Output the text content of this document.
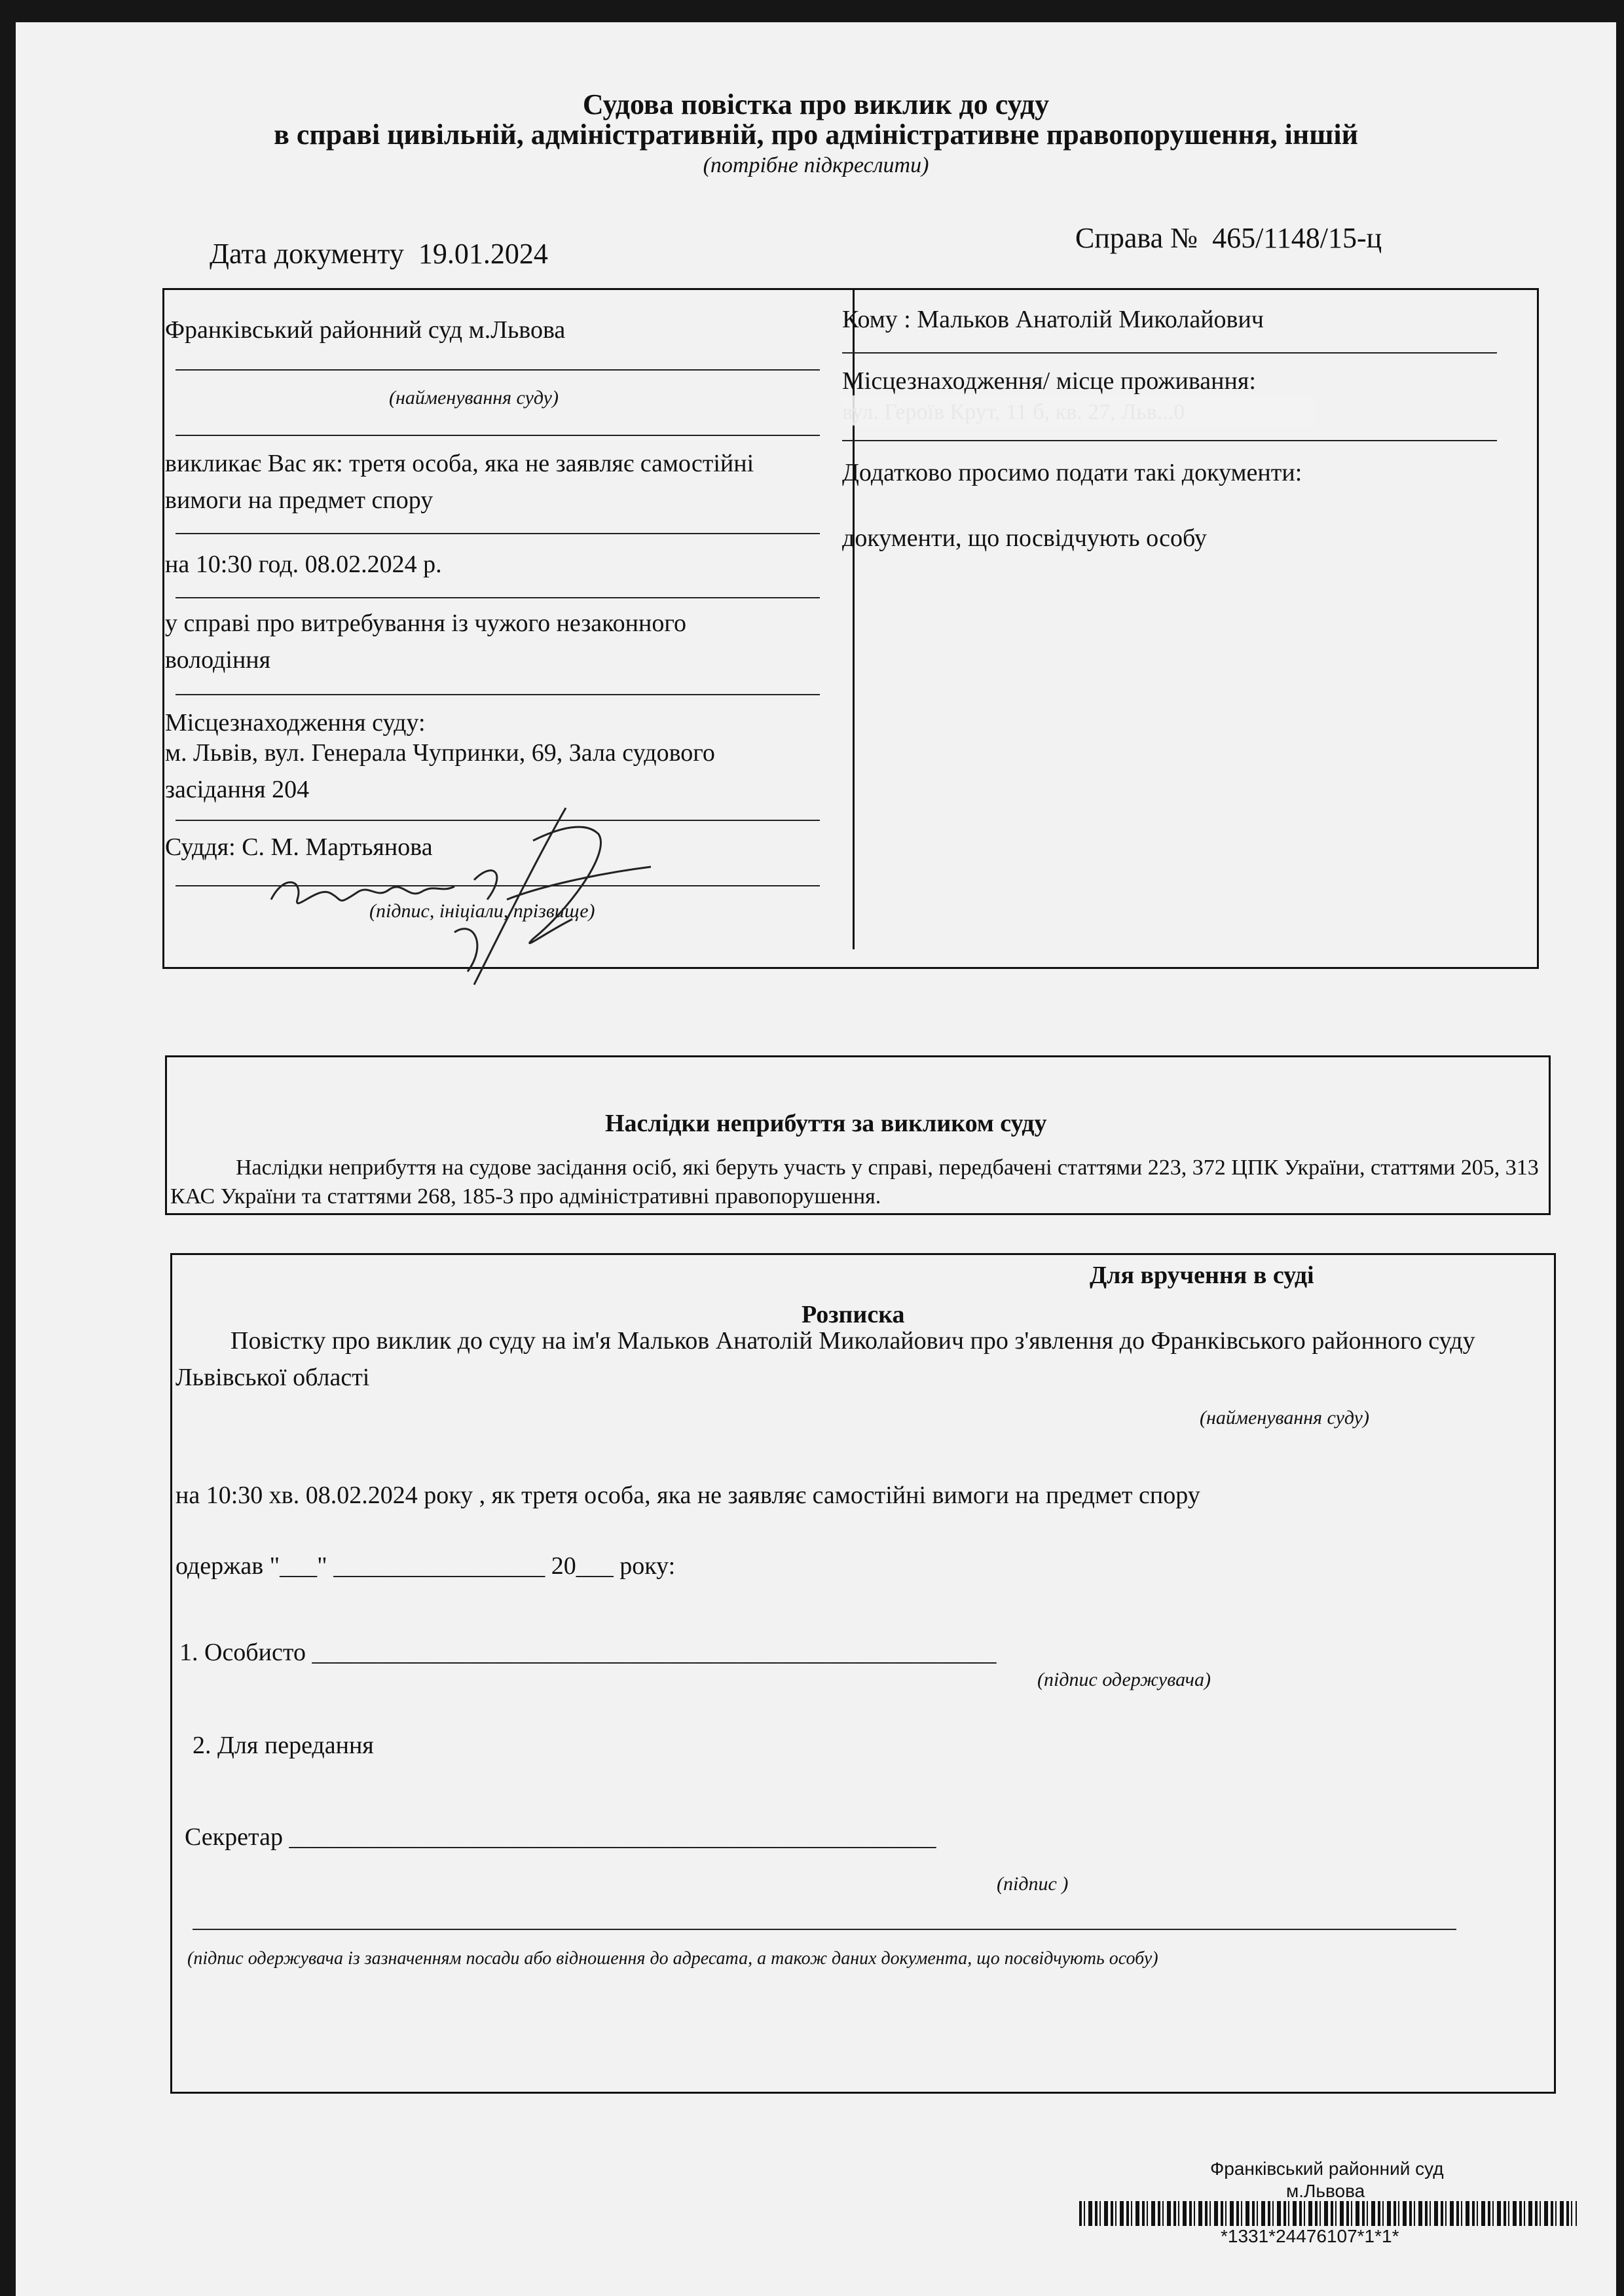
Судова повістка про виклик до суду
в справі цивільній, адміністративній, про адміністративне правопорушення, іншій
(потрібне підкреслити)
Дата документу 19.01.2024	Справа № 465/1148/15-ц
Франківський районний суд м.Львова
(найменування суду)
викликає Вас як: третя особа, яка не заявляє самостійні вимоги на предмет спору
на 10:30 год. 08.02.2024 р.
у справі про витребування із чужого незаконного володіння
Місцезнаходження суду:
м. Львів, вул. Генерала Чупринки, 69, Зала судового засідання 204
Суддя: С. М. Мартьянова
(підпис, ініціали, прізвище)
Кому : Мальков Анатолій Миколайович
Місцезнаходження/ місце проживання:
Додатково просимо подати такі документи:
документи, що посвідчують особу
Наслідки неприбуття за викликом суду
Наслідки неприбуття на судове засідання осіб, які беруть участь у справі, передбачені статтями 223, 372 ЦПК України, статтями 205, 313 КАС України та статтями 268, 185-3 про адміністративні правопорушення.
Для вручення в суді
Розписка
Повістку про виклик до суду на ім'я Мальков Анатолій Миколайович про з'явлення до Франківського районного суду Львівської області
(найменування суду)
на 10:30 хв. 08.02.2024 року , як третя особа, яка не заявляє самостійні вимоги на предмет спору
одержав "___" _________________ 20___ року:
1. Особисто _______________________________________________________
(підпис одержувача)
2. Для передання
Секретар ____________________________________________________
(підпис )
(підпис одержувача із зазначенням посади або відношення до адресата, а також даних документа, що посвідчують особу)
Франківський районний суд
м.Львова
*1331*24476107*1*1*
